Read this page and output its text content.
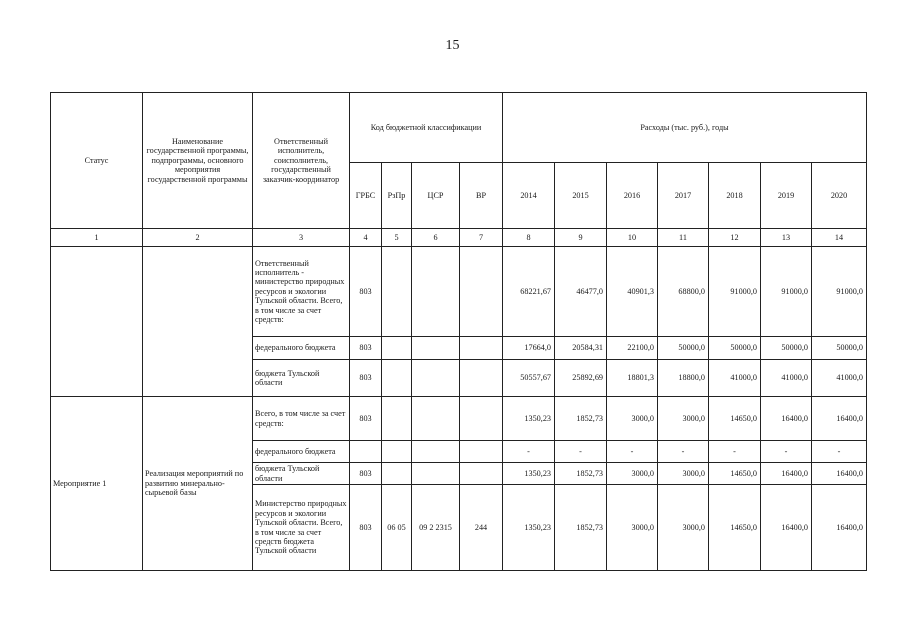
15
Статус	Наименование государственной программы, подпрограммы, основного мероприятия государственной программы	Ответственный исполнитель, соисполнитель, государственный заказчик-координатор	Код бюджетной классификации				Расходы (тыс. руб.), годы						
			ГРБС	РзПр	ЦСР	ВР	2014	2015	2016	2017	2018	2019	2020
1	2	3	4	5	6	7	8	9	10	11	12	13	14
		Ответственный исполнитель - министерство природных ресурсов и экологии Тульской области. Всего, в том числе за счет средств:	803				68221,67	46477,0	40901,3	68800,0	91000,0	91000,0	91000,0
		федерального бюджета	803				17664,0	20584,31	22100,0	50000,0	50000,0	50000,0	50000,0
		бюджета Тульской области	803				50557,67	25892,69	18801,3	18800,0	41000,0	41000,0	41000,0
Мероприятие 1	Реализация мероприятий по развитию минерально-сырьевой базы	Всего, в том числе за счет средств:	803				1350,23	1852,73	3000,0	3000,0	14650,0	16400,0	16400,0
		федерального бюджета					-	-	-	-	-	-	-
		бюджета Тульской области	803				1350,23	1852,73	3000,0	3000,0	14650,0	16400,0	16400,0
		Министерство природных ресурсов и экологии Тульской области. Всего, в том числе за счет средств бюджета Тульской области	803	06 05	09 2 2315	244	1350,23	1852,73	3000,0	3000,0	14650,0	16400,0	16400,0
